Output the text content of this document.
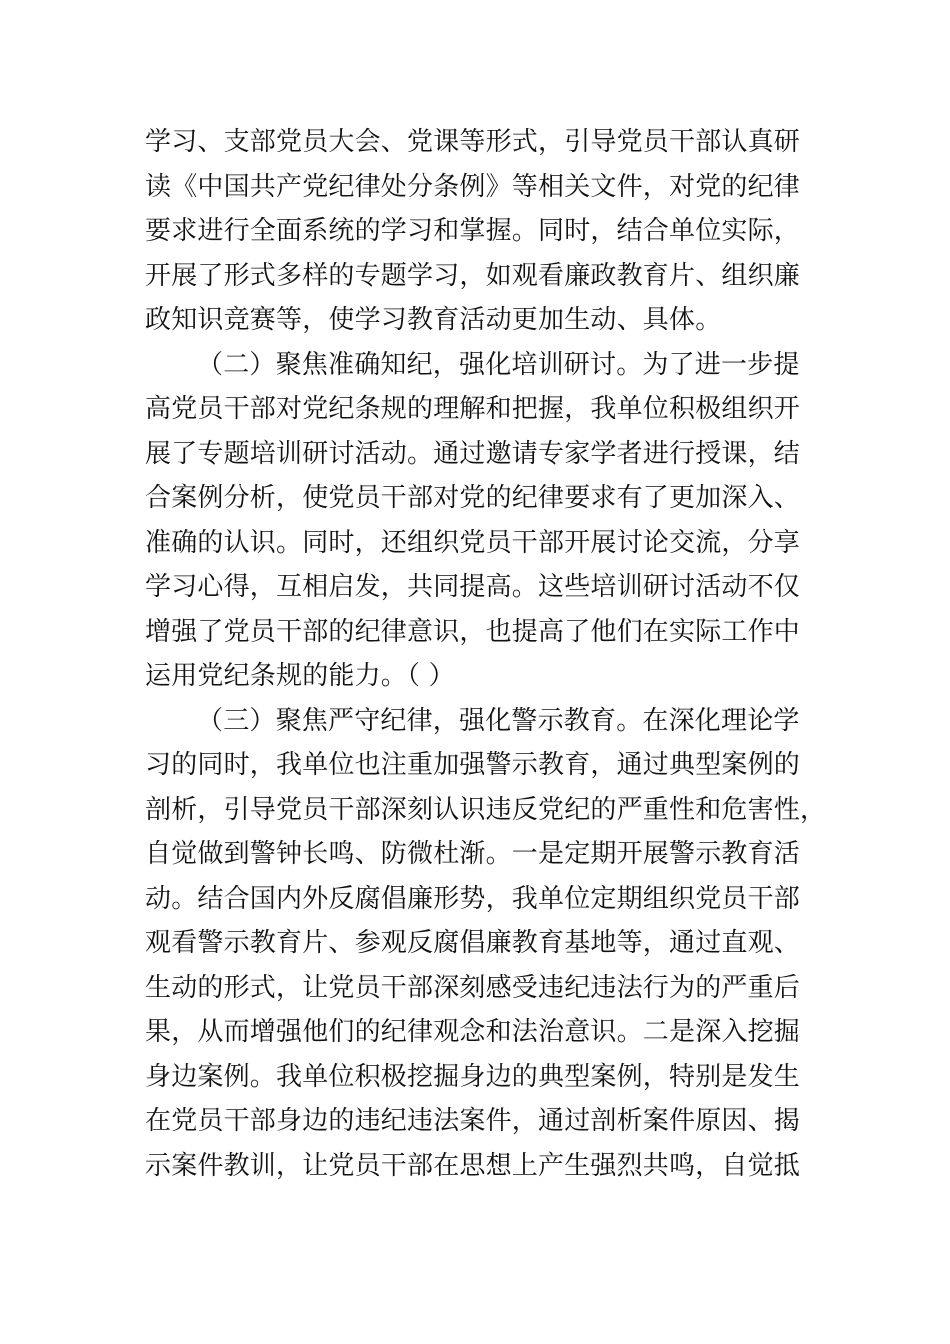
学习、支部党员大会、党课等形式，引导党员干部认真研
读《中国共产党纪律处分条例》等相关文件，对党的纪律
要求进行全面系统的学习和掌握。同时，结合单位实际，
开展了形式多样的专题学习，如观看廉政教育片、组织廉
政知识竞赛等，使学习教育活动更加生动、具体。
（二）聚焦准确知纪，强化培训研讨。为了进一步提
高党员干部对党纪条规的理解和把握，我单位积极组织开
展了专题培训研讨活动。通过邀请专家学者进行授课，结
合案例分析，使党员干部对党的纪律要求有了更加深入、
准确的认识。同时，还组织党员干部开展讨论交流，分享
学习心得，互相启发，共同提高。这些培训研讨活动不仅
增强了党员干部的纪律意识，也提高了他们在实际工作中
运用党纪条规的能力。（ ）
（三）聚焦严守纪律，强化警示教育。在深化理论学
习的同时，我单位也注重加强警示教育，通过典型案例的
剖析，引导党员干部深刻认识违反党纪的严重性和危害性，
自觉做到警钟长鸣、防微杜渐。一是定期开展警示教育活
动。结合国内外反腐倡廉形势，我单位定期组织党员干部
观看警示教育片、参观反腐倡廉教育基地等，通过直观、
生动的形式，让党员干部深刻感受违纪违法行为的严重后
果，从而增强他们的纪律观念和法治意识。二是深入挖掘
身边案例。我单位积极挖掘身边的典型案例，特别是发生
在党员干部身边的违纪违法案件，通过剖析案件原因、揭
示案件教训，让党员干部在思想上产生强烈共鸣，自觉抵
